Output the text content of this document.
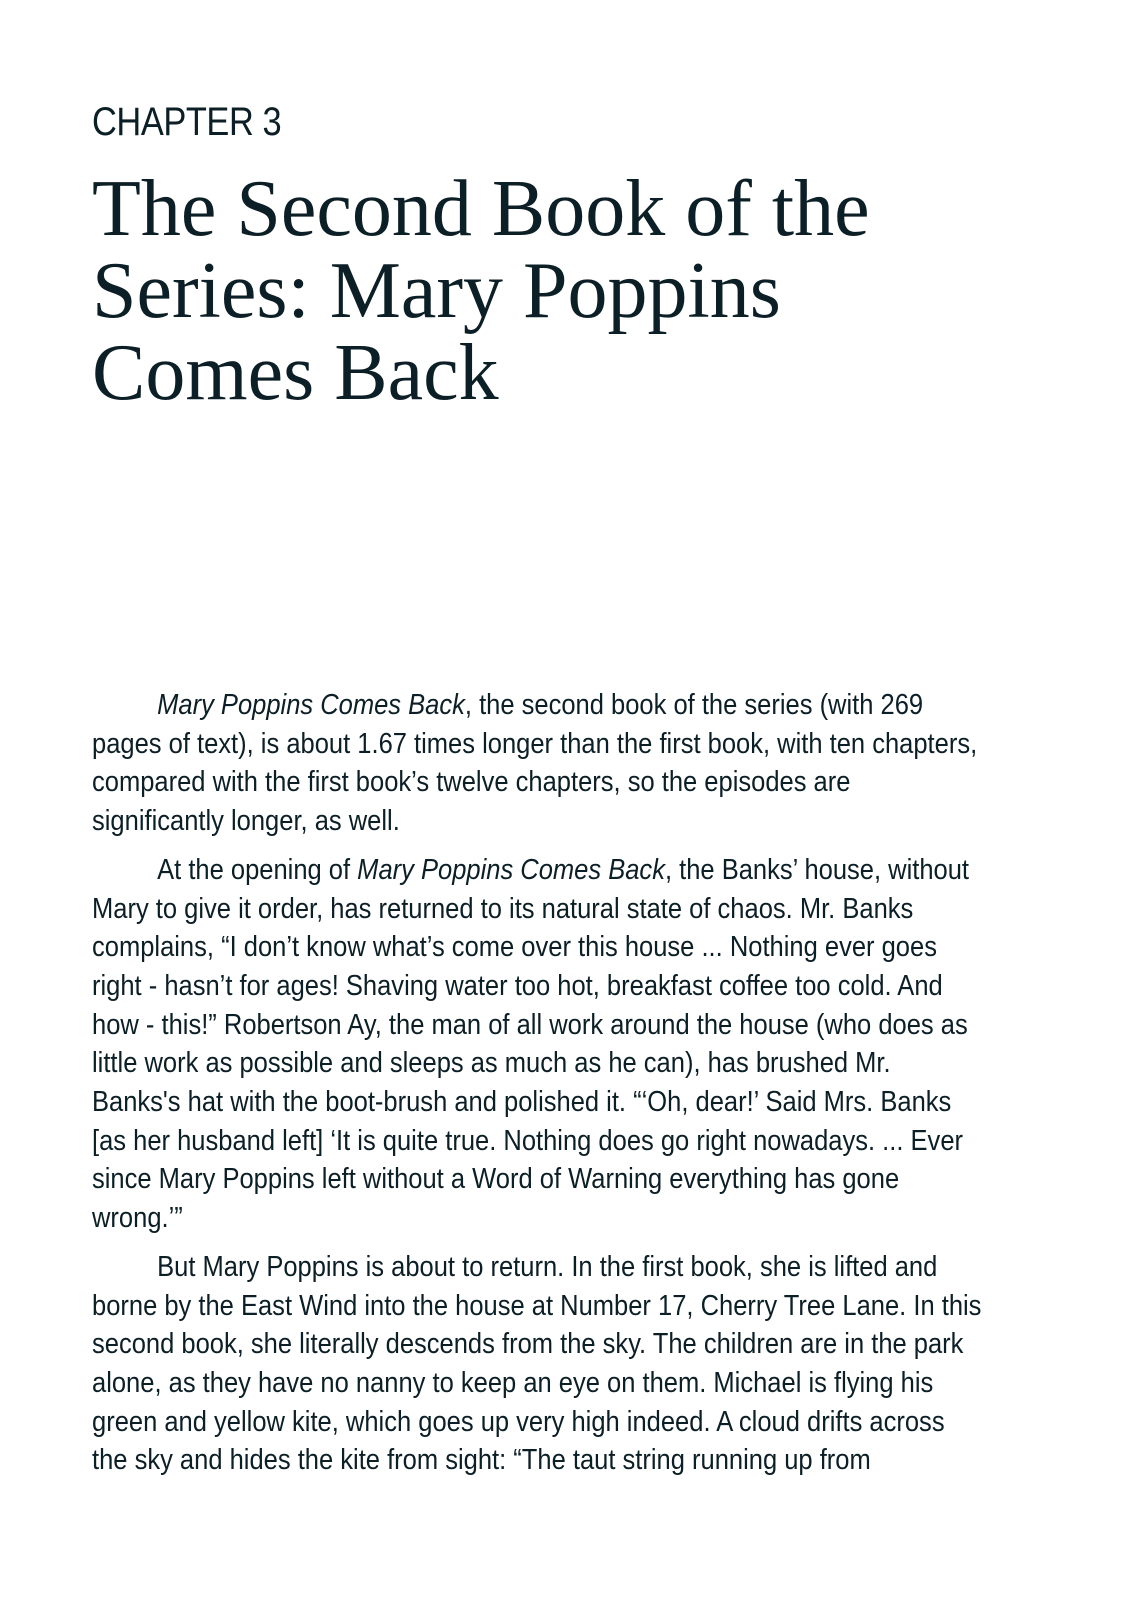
CHAPTER 3
The Second Book of the
Series: Mary Poppins
Comes Back

Mary Poppins Comes Back, the second book of the series (with 269
pages of text), is about 1.67 times longer than the first book, with ten chapters,
compared with the first book’s twelve chapters, so the episodes are
significantly longer, as well.

At the opening of Mary Poppins Comes Back, the Banks’ house, without
Mary to give it order, has returned to its natural state of chaos. Mr. Banks
complains, “I don’t know what’s come over this house ... Nothing ever goes
right - hasn’t for ages! Shaving water too hot, breakfast coffee too cold. And
how - this!” Robertson Ay, the man of all work around the house (who does as
little work as possible and sleeps as much as he can), has brushed Mr.
Banks's hat with the boot-brush and polished it. “‘Oh, dear!’ Said Mrs. Banks
[as her husband left] ‘It is quite true. Nothing does go right nowadays. ... Ever
since Mary Poppins left without a Word of Warning everything has gone
wrong.’”

But Mary Poppins is about to return. In the first book, she is lifted and
borne by the East Wind into the house at Number 17, Cherry Tree Lane. In this
second book, she literally descends from the sky. The children are in the park
alone, as they have no nanny to keep an eye on them. Michael is flying his
green and yellow kite, which goes up very high indeed. A cloud drifts across
the sky and hides the kite from sight: “The taut string running up from
